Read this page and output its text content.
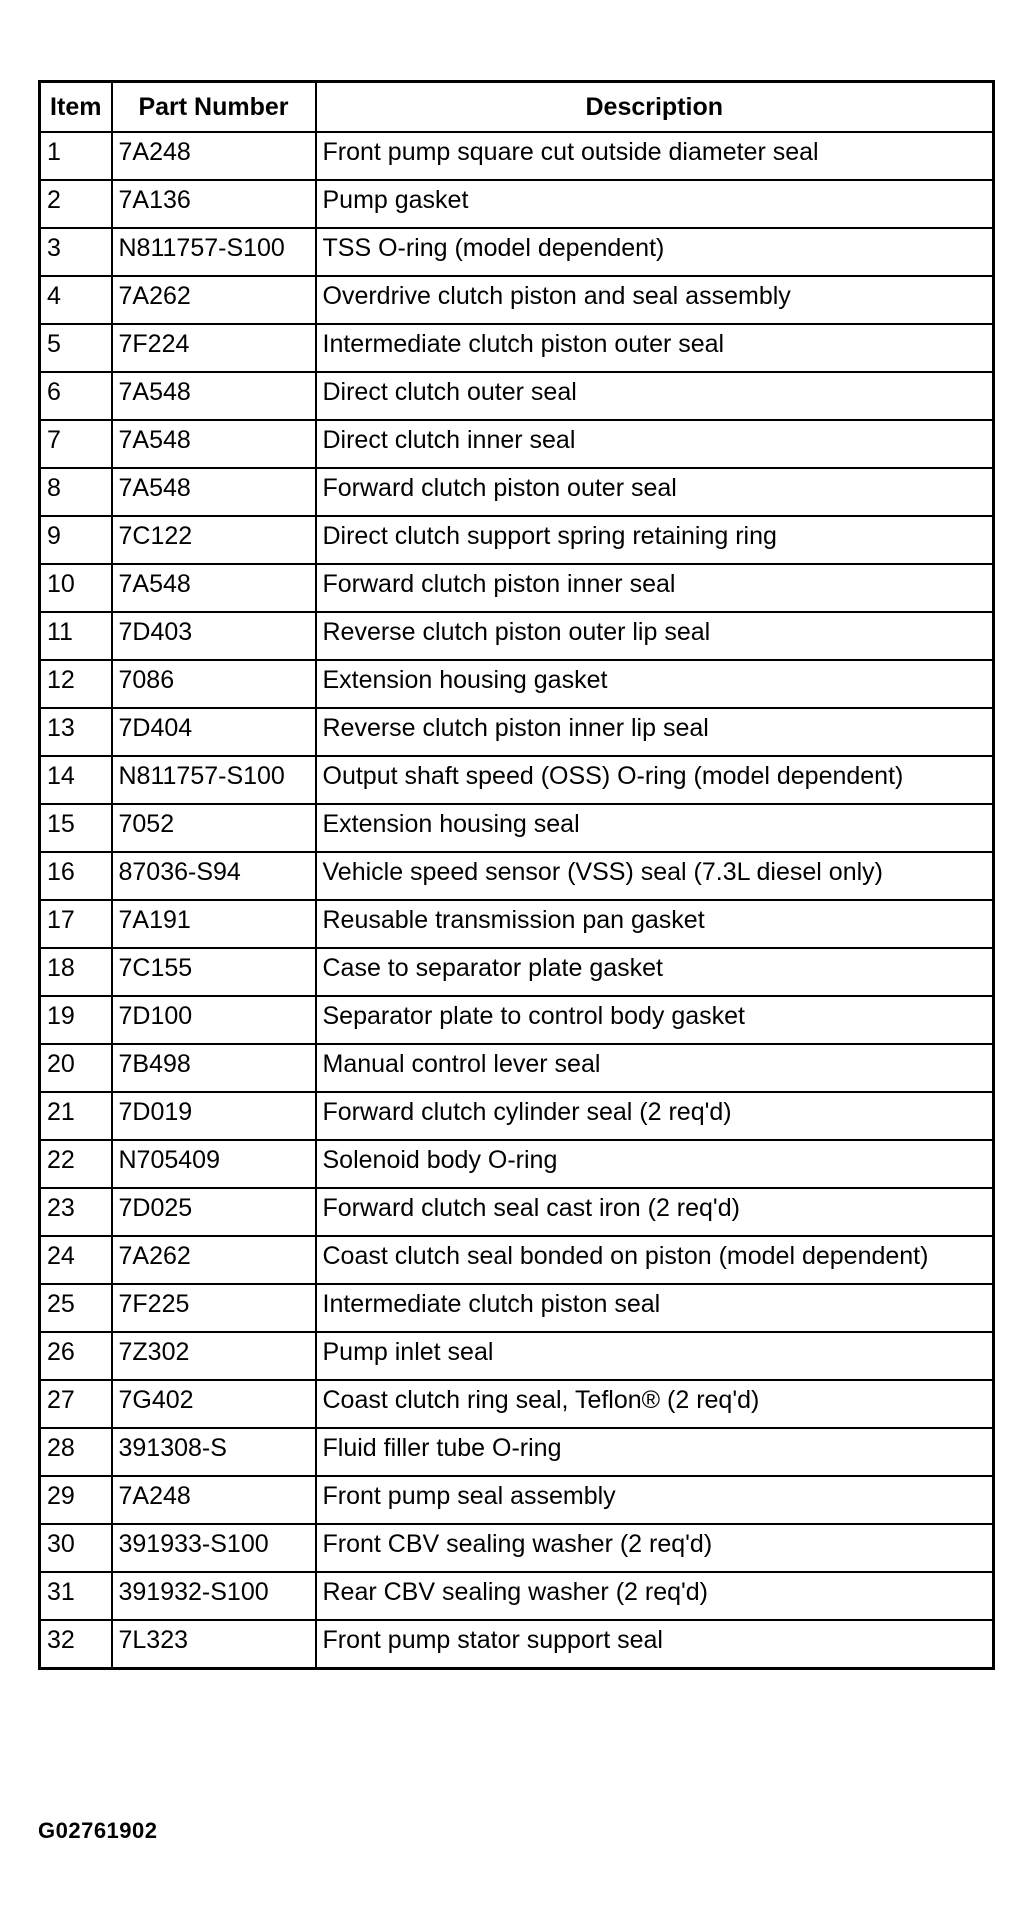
Item	Part Number	Description
1	7A248	Front pump square cut outside diameter seal
2	7A136	Pump gasket
3	N811757-S100	TSS O-ring (model dependent)
4	7A262	Overdrive clutch piston and seal assembly
5	7F224	Intermediate clutch piston outer seal
6	7A548	Direct clutch outer seal
7	7A548	Direct clutch inner seal
8	7A548	Forward clutch piston outer seal
9	7C122	Direct clutch support spring retaining ring
10	7A548	Forward clutch piston inner seal
11	7D403	Reverse clutch piston outer lip seal
12	7086	Extension housing gasket
13	7D404	Reverse clutch piston inner lip seal
14	N811757-S100	Output shaft speed (OSS) O-ring (model dependent)
15	7052	Extension housing seal
16	87036-S94	Vehicle speed sensor (VSS) seal (7.3L diesel only)
17	7A191	Reusable transmission pan gasket
18	7C155	Case to separator plate gasket
19	7D100	Separator plate to control body gasket
20	7B498	Manual control lever seal
21	7D019	Forward clutch cylinder seal (2 req'd)
22	N705409	Solenoid body O-ring
23	7D025	Forward clutch seal cast iron (2 req'd)
24	7A262	Coast clutch seal bonded on piston (model dependent)
25	7F225	Intermediate clutch piston seal
26	7Z302	Pump inlet seal
27	7G402	Coast clutch ring seal, Teflon® (2 req'd)
28	391308-S	Fluid filler tube O-ring
29	7A248	Front pump seal assembly
30	391933-S100	Front CBV sealing washer (2 req'd)
31	391932-S100	Rear CBV sealing washer (2 req'd)
32	7L323	Front pump stator support seal
G02761902
